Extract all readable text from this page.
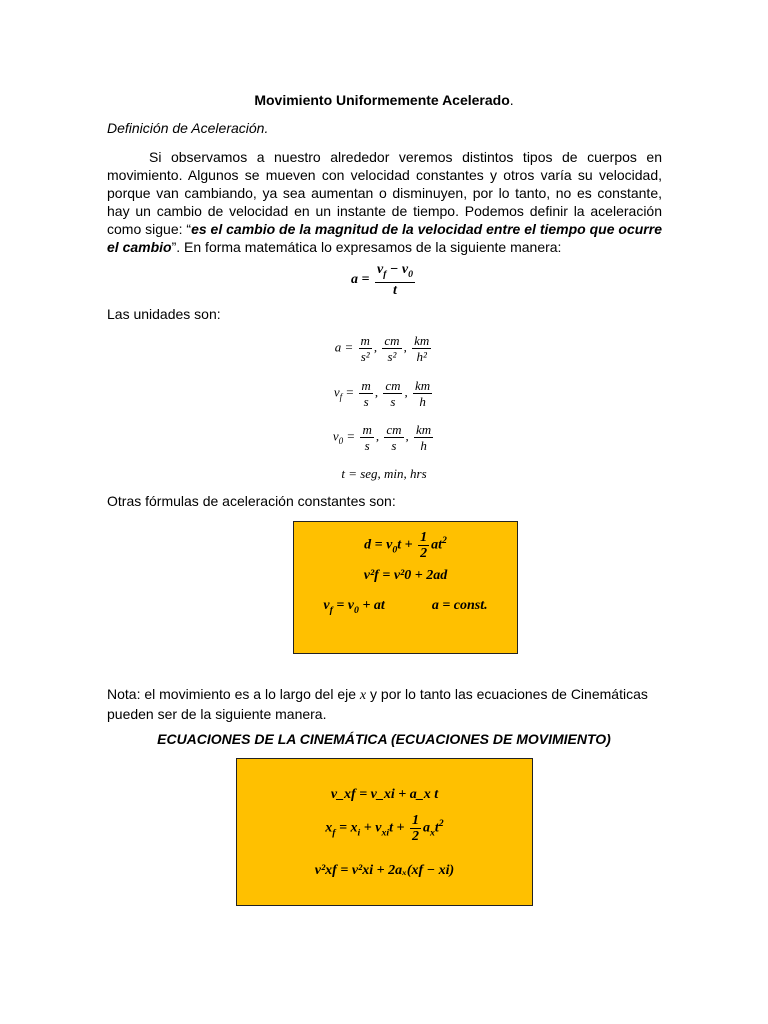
Movimiento Uniformemente Acelerado.
Definición de Aceleración.
Si observamos a nuestro alrededor veremos distintos tipos de cuerpos en movimiento. Algunos se mueven con velocidad constantes y otros varía su velocidad, porque van cambiando, ya sea aumentan o disminuyen, por lo tanto, no es constante, hay un cambio de velocidad en un instante de tiempo. Podemos definir la aceleración como sigue: “es el cambio de la magnitud de la velocidad entre el tiempo que ocurre el cambio”. En forma matemática lo expresamos de la siguiente manera:
$a = \frac{v_f - v_0}{t}$
Las unidades son:
$a = \frac{m}{\text{s²}}$ , $\frac{cm}{\text{s²}}$ , $\frac{km}{\text{h²}}$
$v_f = \frac{m}{s}$ , $\frac{cm}{s}$ , $\frac{km}{h}$
$v_0 = \frac{m}{s}$ , $\frac{cm}{s}$ , $\frac{km}{h}$
t = seg, min, hrs
Otras fórmulas de aceleración constantes son:
$d = v_0t + \frac{1}{2} at^2$
v²f = v²0 + 2ad
$v_f = v_0$ + at	a = const.
Nota: el movimiento es a lo largo del eje x y por lo tanto las ecuaciones de Cinemáticas pueden ser de la siguiente manera.
ECUACIONES DE LA CINEMÁTICA (ECUACIONES DE MOVIMIENTO)
v_xf = v_xi + a_x t
$x_f = x_i + v_{xi}t + \frac{1}{2} a_xt^2$
v²xf = v²xi + 2aₓ(xf − xi)
